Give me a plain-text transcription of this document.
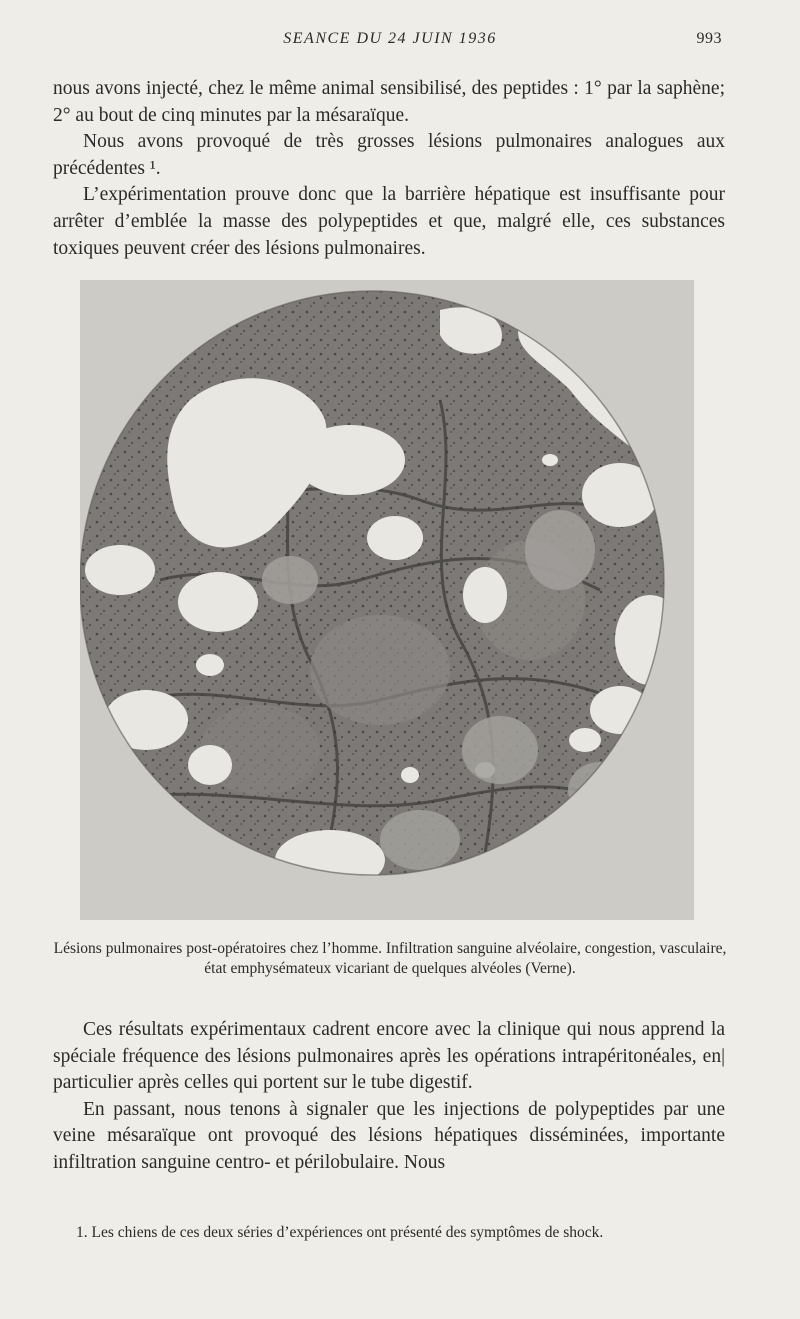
SEANCE DU 24 JUIN 1936	993

nous avons injecté, chez le même animal sensibilisé, des peptides : 1° par la saphène; 2° au bout de cinq minutes par la mésaraïque.

Nous avons provoqué de très grosses lésions pulmonaires analogues aux précédentes ¹.

L’expérimentation prouve donc que la barrière hépatique est insuffisante pour arrêter d’emblée la masse des polypeptides et que, malgré elle, ces substances toxiques peuvent créer des lésions pulmonaires.

Lésions pulmonaires post-opératoires chez l’homme. Infiltration sanguine alvéolaire, congestion, vasculaire, état emphysémateux vicariant de quelques alvéoles (Verne).

Ces résultats expérimentaux cadrent encore avec la clinique qui nous apprend la spéciale fréquence des lésions pulmonaires après les opérations intrapéritonéales, en| particulier après celles qui portent sur le tube digestif.

En passant, nous tenons à signaler que les injections de polypeptides par une veine mésaraïque ont provoqué des lésions hépatiques disséminées, importante infiltration sanguine centro- et périlobulaire. Nous

1. Les chiens de ces deux séries d’expériences ont présenté des symptômes de shock.
